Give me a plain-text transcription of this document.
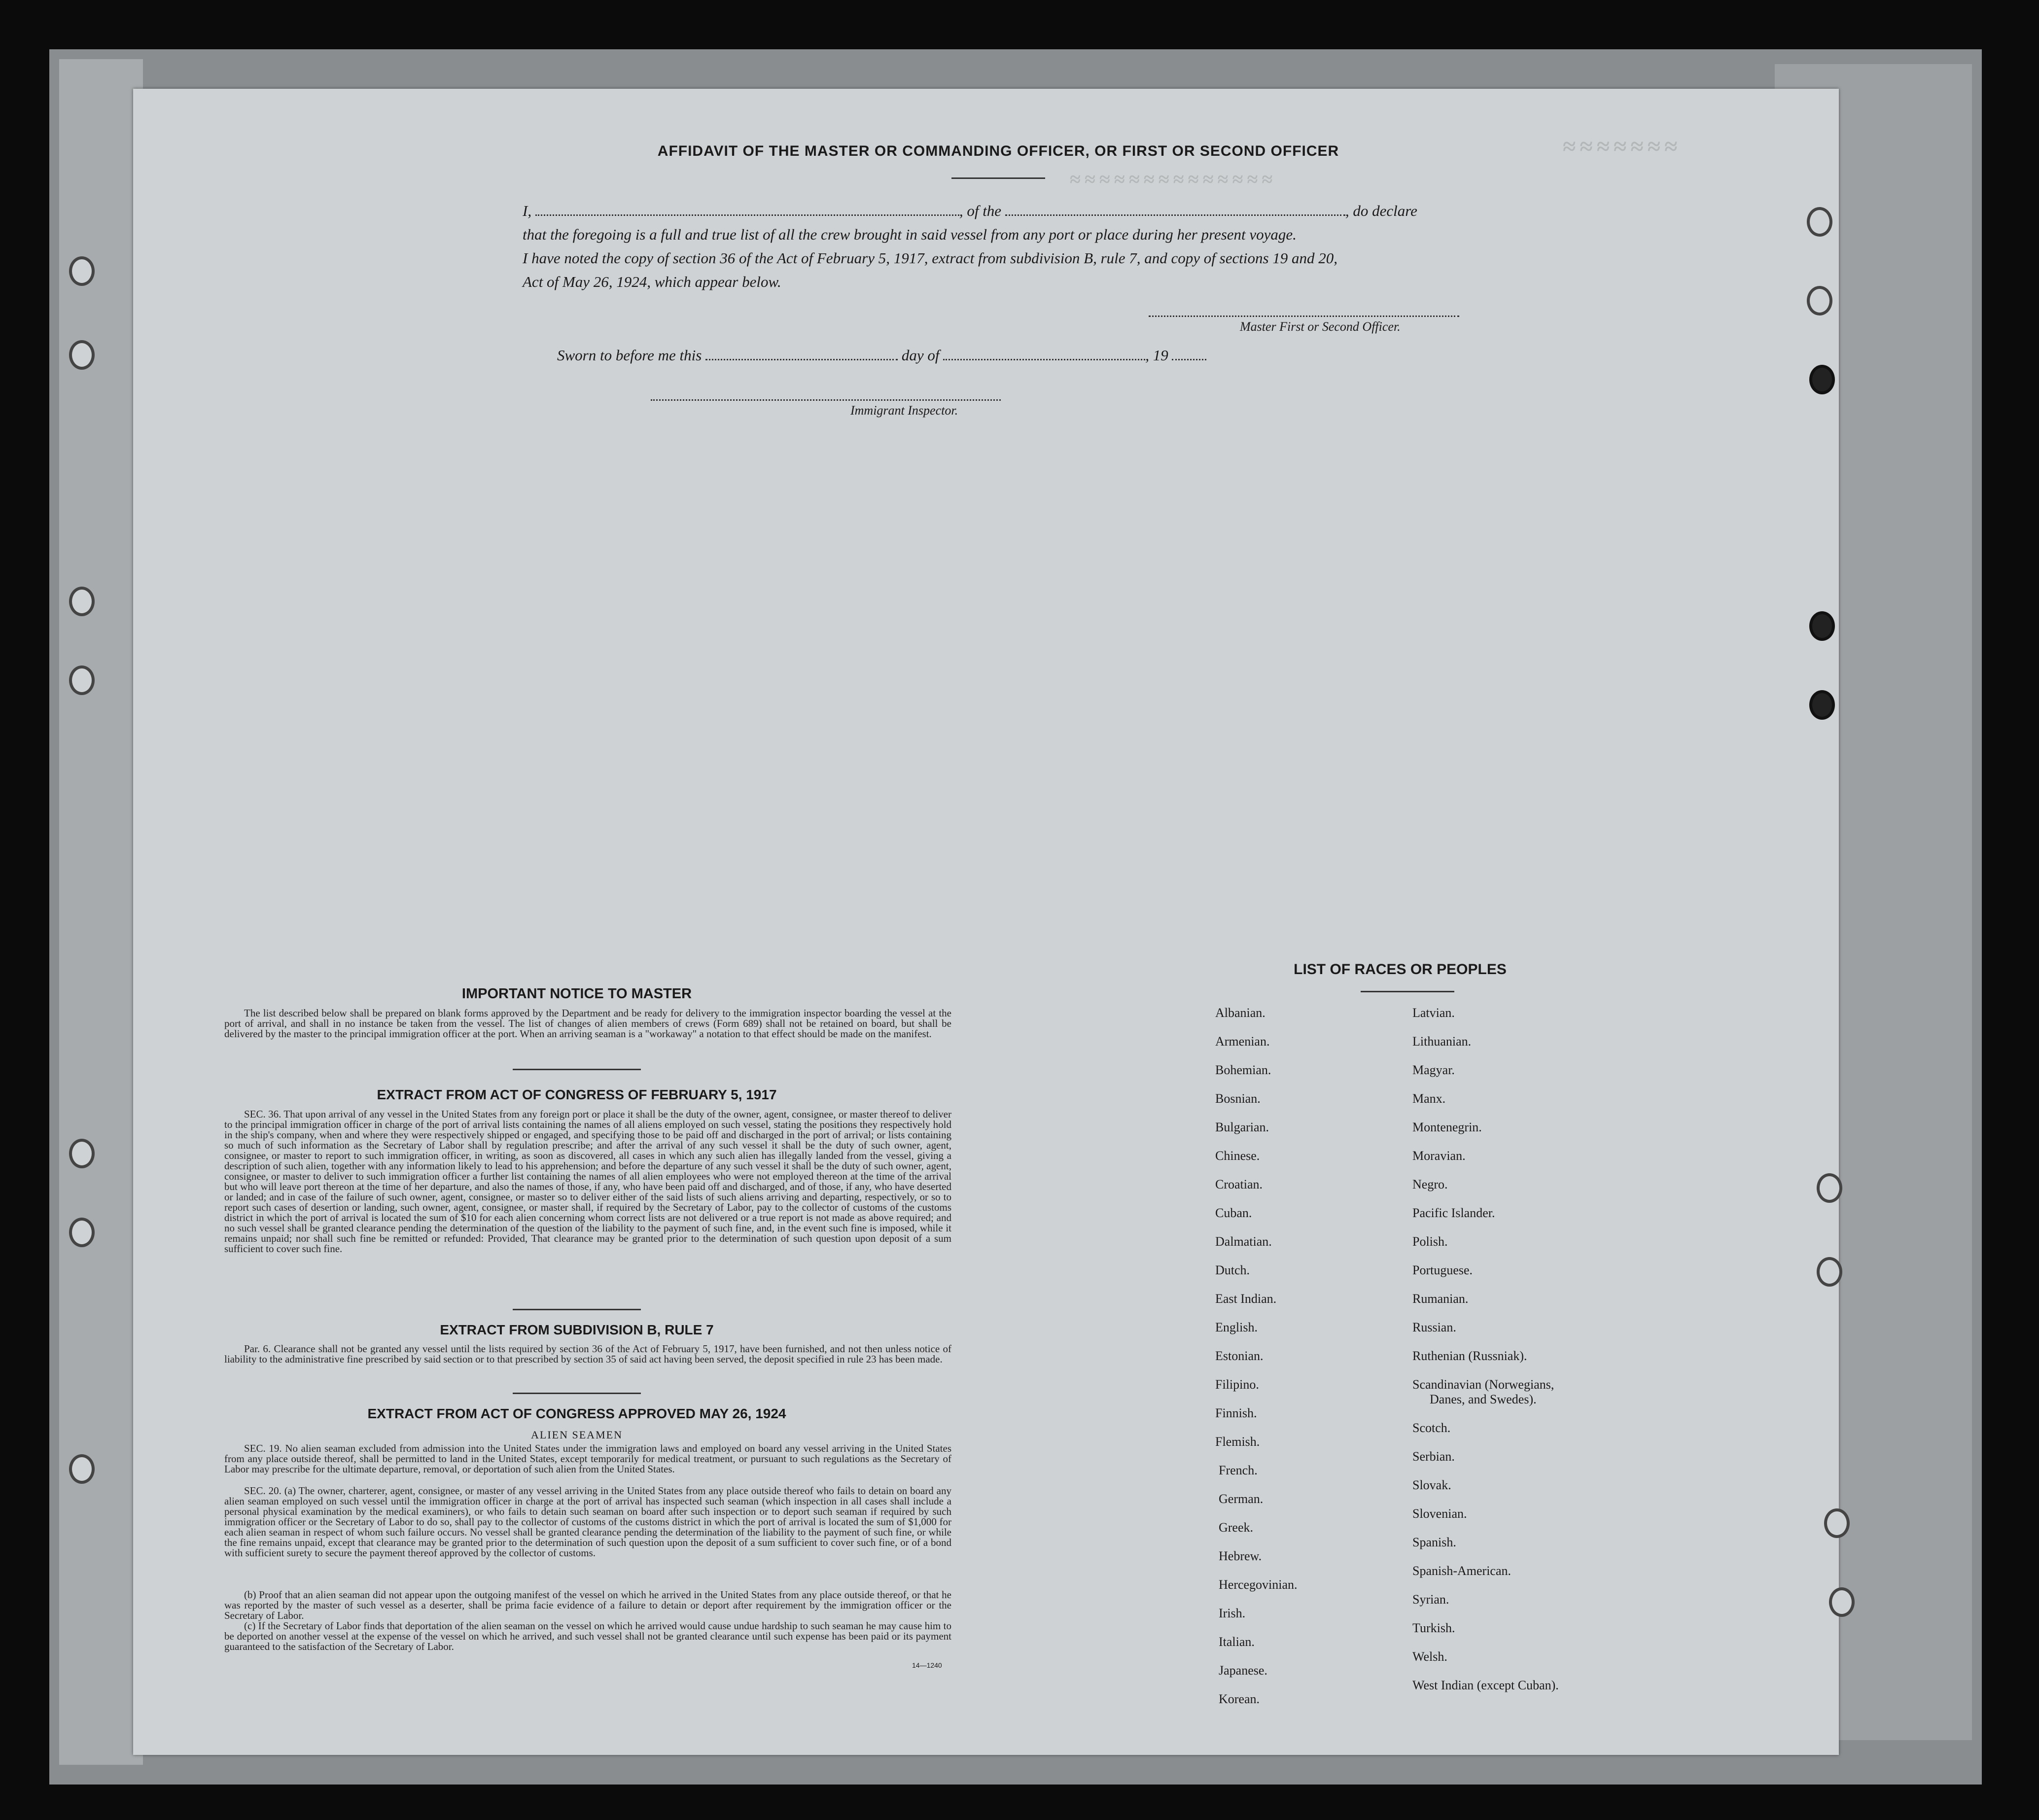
≈≈≈≈≈≈≈
≈≈≈≈≈≈≈≈≈≈≈≈≈≈
AFFIDAVIT OF THE MASTER OR COMMANDING OFFICER, OR FIRST OR SECOND OFFICER
I,	, of the	, do declare
that the foregoing is a full and true list of all the crew brought in said vessel from any port or place during her present voyage.
I have noted the copy of section 36 of the Act of February 5, 1917, extract from subdivision B, rule 7, and copy of sections 19 and 20,
Act of May 26, 1924, which appear below.
Master First or Second Officer.
Sworn to before me this	day of	, 19
Immigrant Inspector.
IMPORTANT NOTICE TO MASTER
The list described below shall be prepared on blank forms approved by the Department and be ready for delivery to the immigration inspector boarding the vessel at the port of arrival, and shall in no instance be taken from the vessel. The list of changes of alien members of crews (Form 689) shall not be retained on board, but shall be delivered by the master to the principal immigration officer at the port. When an arriving seaman is a "workaway" a notation to that effect should be made on the manifest.
EXTRACT FROM ACT OF CONGRESS OF FEBRUARY 5, 1917
SEC. 36. That upon arrival of any vessel in the United States from any foreign port or place it shall be the duty of the owner, agent, consignee, or master thereof to deliver to the principal immigration officer in charge of the port of arrival lists containing the names of all aliens employed on such vessel, stating the positions they respectively hold in the ship's company, when and where they were respectively shipped or engaged, and specifying those to be paid off and discharged in the port of arrival; or lists containing so much of such information as the Secretary of Labor shall by regulation prescribe; and after the arrival of any such vessel it shall be the duty of such owner, agent, consignee, or master to report to such immigration officer, in writing, as soon as discovered, all cases in which any such alien has illegally landed from the vessel, giving a description of such alien, together with any information likely to lead to his apprehension; and before the departure of any such vessel it shall be the duty of such owner, agent, consignee, or master to deliver to such immigration officer a further list containing the names of all alien employees who were not employed thereon at the time of the arrival but who will leave port thereon at the time of her departure, and also the names of those, if any, who have been paid off and discharged, and of those, if any, who have deserted or landed; and in case of the failure of such owner, agent, consignee, or master so to deliver either of the said lists of such aliens arriving and departing, respectively, or so to report such cases of desertion or landing, such owner, agent, consignee, or master shall, if required by the Secretary of Labor, pay to the collector of customs of the customs district in which the port of arrival is located the sum of $10 for each alien concerning whom correct lists are not delivered or a true report is not made as above required; and no such vessel shall be granted clearance pending the determination of the question of the liability to the payment of such fine, and, in the event such fine is imposed, while it remains unpaid; nor shall such fine be remitted or refunded: Provided, That clearance may be granted prior to the determination of such question upon deposit of a sum sufficient to cover such fine.
EXTRACT FROM SUBDIVISION B, RULE 7
Par. 6. Clearance shall not be granted any vessel until the lists required by section 36 of the Act of February 5, 1917, have been furnished, and not then unless notice of liability to the administrative fine prescribed by said section or to that prescribed by section 35 of said act having been served, the deposit specified in rule 23 has been made.
EXTRACT FROM ACT OF CONGRESS APPROVED MAY 26, 1924
ALIEN SEAMEN
SEC. 19. No alien seaman excluded from admission into the United States under the immigration laws and employed on board any vessel arriving in the United States from any place outside thereof, shall be permitted to land in the United States, except temporarily for medical treatment, or pursuant to such regulations as the Secretary of Labor may prescribe for the ultimate departure, removal, or deportation of such alien from the United States.
SEC. 20. (a) The owner, charterer, agent, consignee, or master of any vessel arriving in the United States from any place outside thereof who fails to detain on board any alien seaman employed on such vessel until the immigration officer in charge at the port of arrival has inspected such seaman (which inspection in all cases shall include a personal physical examination by the medical examiners), or who fails to detain such seaman on board after such inspection or to deport such seaman if required by such immigration officer or the Secretary of Labor to do so, shall pay to the collector of customs of the customs district in which the port of arrival is located the sum of $1,000 for each alien seaman in respect of whom such failure occurs. No vessel shall be granted clearance pending the determination of the liability to the payment of such fine, or while the fine remains unpaid, except that clearance may be granted prior to the determination of such question upon the deposit of a sum sufficient to cover such fine, or of a bond with sufficient surety to secure the payment thereof approved by the collector of customs.
(b) Proof that an alien seaman did not appear upon the outgoing manifest of the vessel on which he arrived in the United States from any place outside thereof, or that he was reported by the master of such vessel as a deserter, shall be prima facie evidence of a failure to detain or deport after requirement by the immigration officer or the Secretary of Labor.
(c) If the Secretary of Labor finds that deportation of the alien seaman on the vessel on which he arrived would cause undue hardship to such seaman he may cause him to be deported on another vessel at the expense of the vessel on which he arrived, and such vessel shall not be granted clearance until such expense has been paid or its payment guaranteed to the satisfaction of the Secretary of Labor.
14—1240
LIST OF RACES OR PEOPLES
Albanian.
Armenian.
Bohemian.
Bosnian.
Bulgarian.
Chinese.
Croatian.
Cuban.
Dalmatian.
Dutch.
East Indian.
English.
Estonian.
Filipino.
Finnish.
Flemish.
French.
German.
Greek.
Hebrew.
Hercegovinian.
Irish.
Italian.
Japanese.
Korean.
Latvian.
Lithuanian.
Magyar.
Manx.
Montenegrin.
Moravian.
Negro.
Pacific Islander.
Polish.
Portuguese.
Rumanian.
Russian.
Ruthenian (Russniak).
Scandinavian (Norwegians,
Danes, and Swedes).
Scotch.
Serbian.
Slovak.
Slovenian.
Spanish.
Spanish-American.
Syrian.
Turkish.
Welsh.
West Indian (except Cuban).
